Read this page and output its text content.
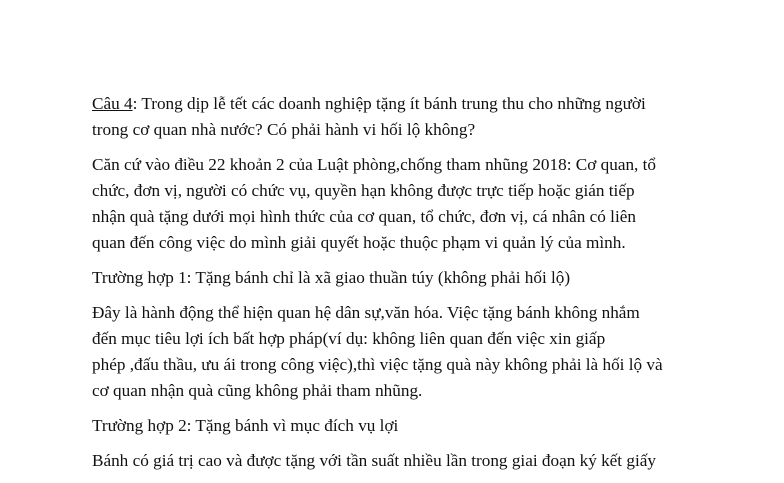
Câu 4: Trong dịp lễ tết các doanh nghiệp tặng ít bánh trung thu cho những người
trong cơ quan nhà nước? Có phải hành vi hối lộ không?

Căn cứ vào điều 22 khoản 2 của Luật phòng,chống tham nhũng 2018: Cơ quan, tổ
chức, đơn vị, người có chức vụ, quyền hạn không được trực tiếp hoặc gián tiếp
nhận quà tặng dưới mọi hình thức của cơ quan, tổ chức, đơn vị, cá nhân có liên
quan đến công việc do mình giải quyết hoặc thuộc phạm vi quản lý của mình.

Trường hợp 1: Tặng bánh chỉ là xã giao thuần túy (không phải hối lộ)

Đây là hành động thể hiện quan hệ dân sự,văn hóa. Việc tặng bánh không nhắm
đến mục tiêu lợi ích bất hợp pháp(ví dụ: không liên quan đến việc xin giấp
phép ,đấu thầu, ưu ái trong công việc),thì việc tặng quà này không phải là hối lộ và
cơ quan nhận quà cũng không phải tham nhũng.

Trường hợp 2: Tặng bánh vì mục đích vụ lợi

Bánh có giá trị cao và được tặng với tần suất nhiều lần trong giai đoạn ký kết giấy
